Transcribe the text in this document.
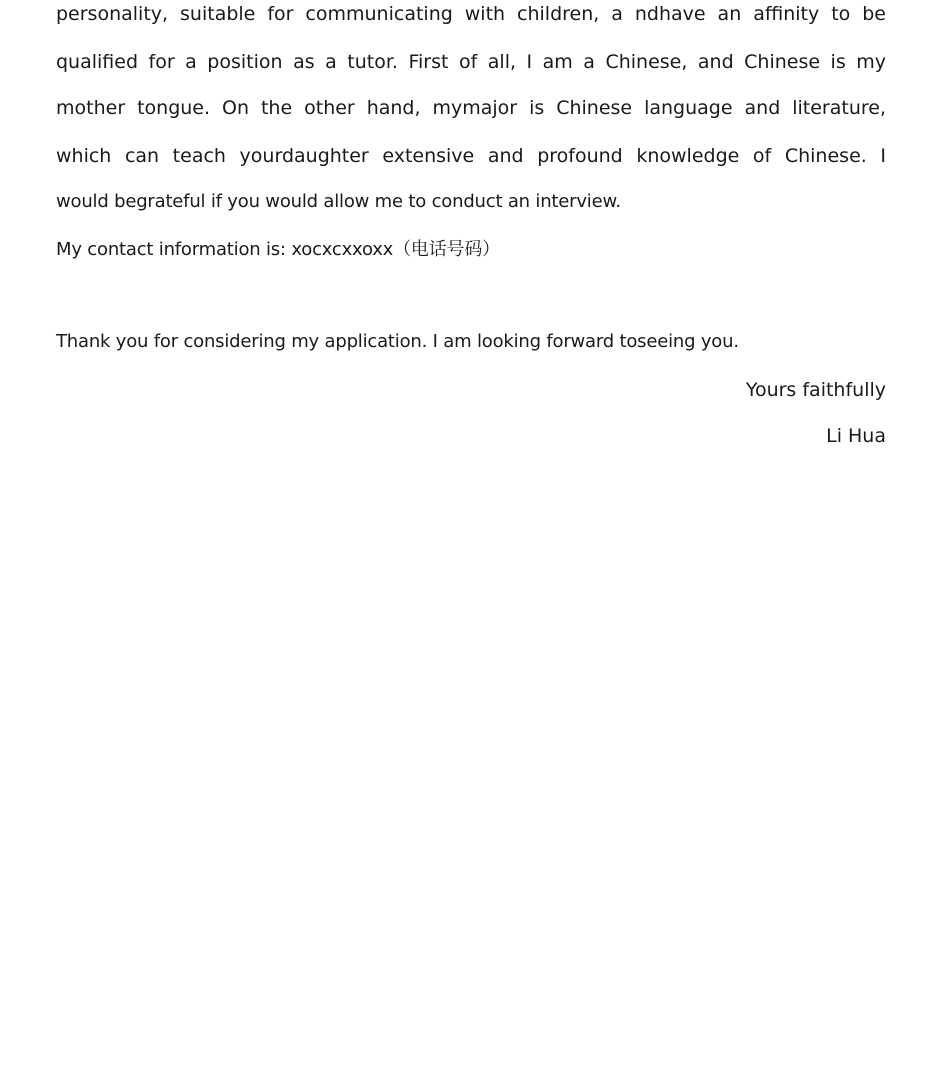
personality, suitable for communicating with children, a ndhave an affinity to be
qualified for a position as a tutor. First of all, I am a Chinese, and Chinese is my
mother tongue. On the other hand, mymajor is Chinese language and literature,
which can teach yourdaughter extensive and profound knowledge of Chinese. I
would begrateful if you would allow me to conduct an interview.
My contact information is: xocxcxxoxx（电话号码）
Thank you for considering my application. I am looking forward toseeing you.
Yours faithfully
Li Hua
